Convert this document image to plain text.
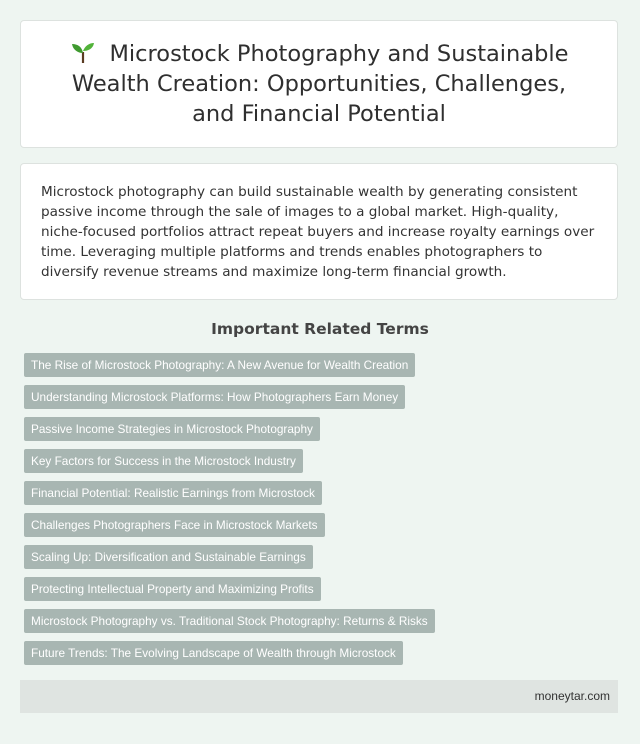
Microstock Photography and Sustainable Wealth Creation: Opportunities, Challenges, and Financial Potential

Microstock photography can build sustainable wealth by generating consistent passive income through the sale of images to a global market. High-quality, niche-focused portfolios attract repeat buyers and increase royalty earnings over time. Leveraging multiple platforms and trends enables photographers to diversify revenue streams and maximize long-term financial growth.

Important Related Terms
The Rise of Microstock Photography: A New Avenue for Wealth Creation
Understanding Microstock Platforms: How Photographers Earn Money
Passive Income Strategies in Microstock Photography
Key Factors for Success in the Microstock Industry
Financial Potential: Realistic Earnings from Microstock
Challenges Photographers Face in Microstock Markets
Scaling Up: Diversification and Sustainable Earnings
Protecting Intellectual Property and Maximizing Profits
Microstock Photography vs. Traditional Stock Photography: Returns & Risks
Future Trends: The Evolving Landscape of Wealth through Microstock
moneytar.com
